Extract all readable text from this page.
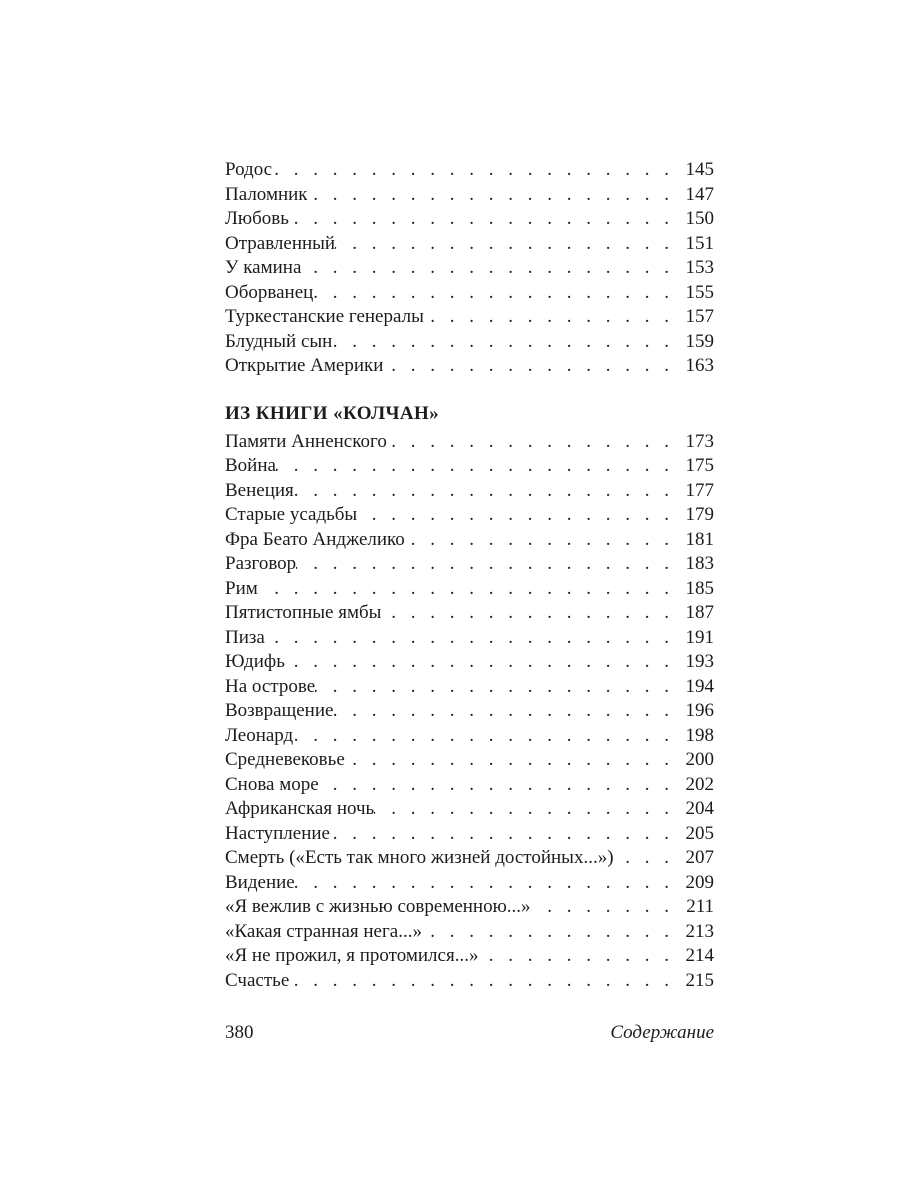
Родос . . .	145
Паломник . . .	147
Любовь . . .	150
Отравленный . . .	151
У камина . . .	153
Оборванец . . .	155
Туркестанские генералы . . .	157
Блудный сын . . .	159
Открытие Америки . . .	163
ИЗ КНИГИ «КОЛЧАН»
Памяти Анненского . . .	173
Война . . .	175
Венеция . . .	177
Старые усадьбы . . .	179
Фра Беато Анджелико . . .	181
Разговор . . .	183
Рим . . .	185
Пятистопные ямбы . . .	187
Пиза . . .	191
Юдифь . . .	193
На острове . . .	194
Возвращение . . .	196
Леонард . . .	198
Средневековье . . .	200
Снова море . . .	202
Африканская ночь . . .	204
Наступление . . .	205
Смерть («Есть так много жизней достойных...») . . .	207
Видение . . .	209
«Я вежлив с жизнью современною...» . . .	211
«Какая странная нега...» . . .	213
«Я не прожил, я протомился...» . . .	214
Счастье . . .	215
380	Содержание
